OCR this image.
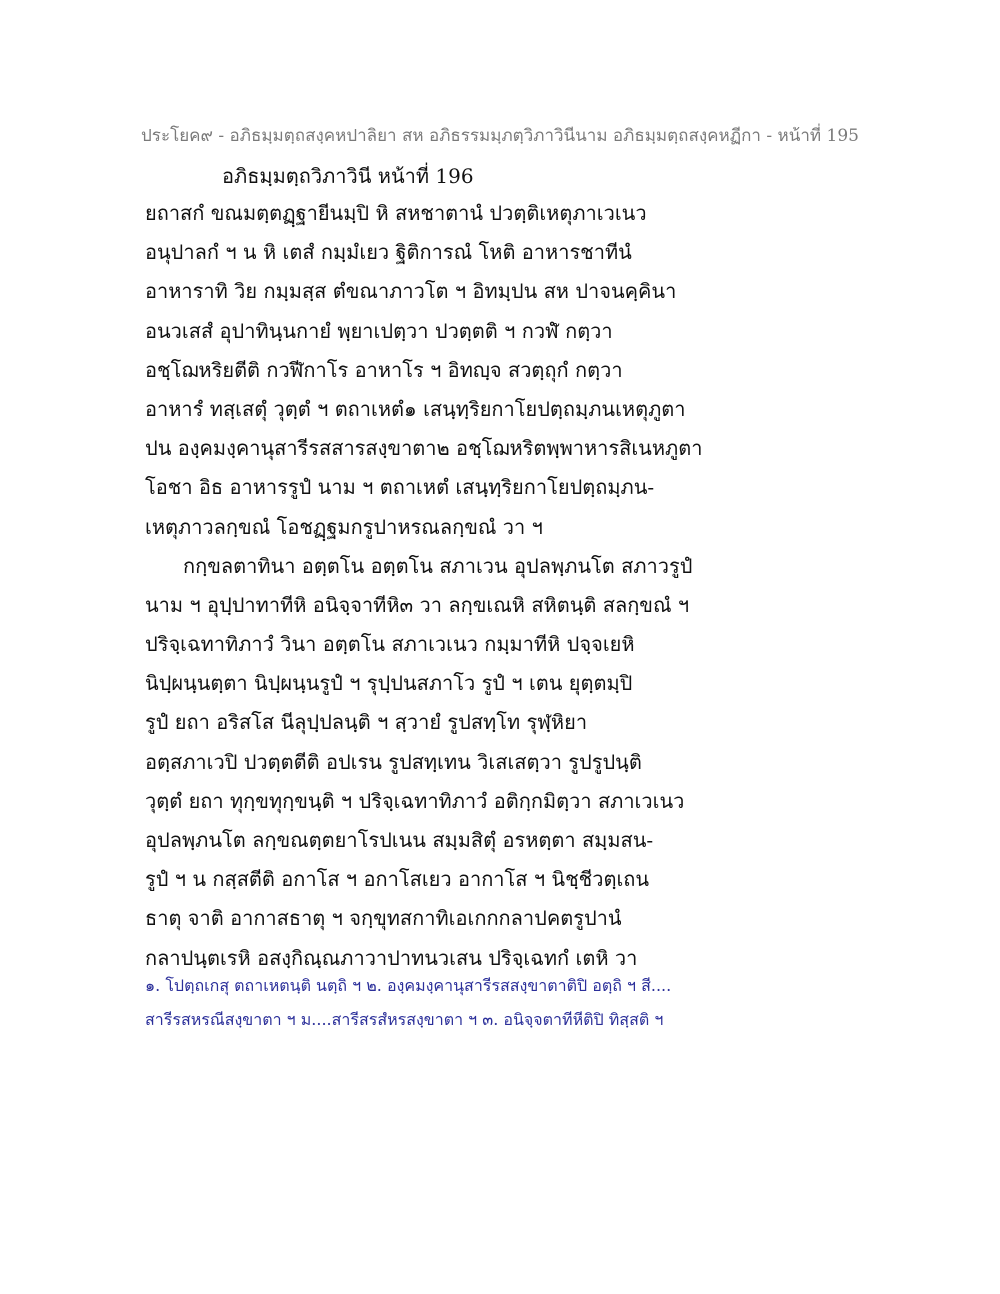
ประโยค๙ - อภิธมฺมตฺถสงฺคหปาลิยา สห อภิธรรมมฺภตฺวิภาวินีนาม อภิธมฺมตฺถสงฺคหฏีกา - หน้าที่ 195
อภิธมฺมตฺถวิภาวินี หน้าที่ 196
ยถาสกํ ขณมตฺตฏฺฐายีนมฺปิ หิ สหชาตานํ ปวตฺติเหตุภาเวเนว
อนุปาลกํ ฯ น หิ เตสํ กมฺมํเยว ฐิติการณํ โหติ อาหารชาทีนํ
อาหาราทิ วิย กมฺมสฺส ตํขณาภาวโต ฯ อิทมฺปน สห ปาจนคฺคินา
อนวเสสํ อุปาทินฺนกายํ พฺยาเปตฺวา ปวตฺตติ ฯ กวฬํ กตฺวา
อชฺโฌหริยตีติ กวฬีกาโร อาหาโร ฯ อิทญฺจ สวตฺถุกํ กตฺวา
อาหารํ ทสฺเสตุํ วุตฺตํ ฯ ตถาเหตํ๑ เสนฺทฺริยกาโยปตฺถมฺภนเหตุภูตา
ปน องฺคมงฺคานุสารีรสสารสงฺขาตา๒ อชฺโฌหริตพฺพาหารสิเนหภูตา
โอชา อิธ อาหารรูปํ นาม ฯ ตถาเหตํ เสนฺทฺริยกาโยปตฺถมฺภน-
เหตุภาวลกฺขณํ โอชฏฺฐมกรูปาหรณลกฺขณํ วา ฯ
กกฺขลตาทินา อตฺตโน อตฺตโน สภาเวน อุปลพฺภนโต สภาวรูปํ
นาม ฯ อุปฺปาทาทีหิ อนิจฺจาทีหิ๓ วา ลกฺขเณหิ สหิตนฺติ สลกฺขณํ ฯ
ปริจฺเฉทาทิภาวํ วินา อตฺตโน สภาเวเนว กมฺมาทีหิ ปจฺจเยหิ
นิปฺผนฺนตฺตา นิปฺผนฺนรูปํ ฯ รุปฺปนสภาโว รูปํ ฯ เตน ยุตฺตมฺปิ
รูปํ ยถา อริสโส นีลุปฺปลนฺติ ฯ สฺวายํ รูปสทฺโท รุฬฺหิยา
อตฺสภาเวปิ ปวตฺตตีติ อปเรน รูปสทฺเทน วิเสเสตฺวา รูปรูปนฺติ
วุตฺตํ ยถา ทุกฺขทุกฺขนฺติ ฯ ปริจฺเฉทาทิภาวํ อติกฺกมิตฺวา สภาเวเนว
อุปลพฺภนโต ลกฺขณตฺตยาโรปเนน สมฺมสิตุํ อรหตฺตา สมฺมสน-
รูปํ ฯ น กสฺสตีติ อกาโส ฯ อกาโสเยว อากาโส ฯ นิชฺชีวตฺเถน
ธาตุ จาติ อากาสธาตุ ฯ จกฺขุทสกาทิเอเกกกลาปคตรูปานํ
กลาปนฺตเรหิ อสงฺกิณฺณภาวาปาทนวเสน ปริจฺเฉทกํ เตหิ วา
๑. โปตฺถเกสุ ตถาเหตนฺติ นตฺถิ ฯ ๒. องฺคมงฺคานุสารีรสสงฺขาตาติปิ อตฺถิ ฯ สี....
สารีรสหรณีสงฺขาตา ฯ ม....สารีสรสํหรสงฺขาตา ฯ ๓. อนิจฺจตาทีหีติปิ ทิสฺสติ ฯ
